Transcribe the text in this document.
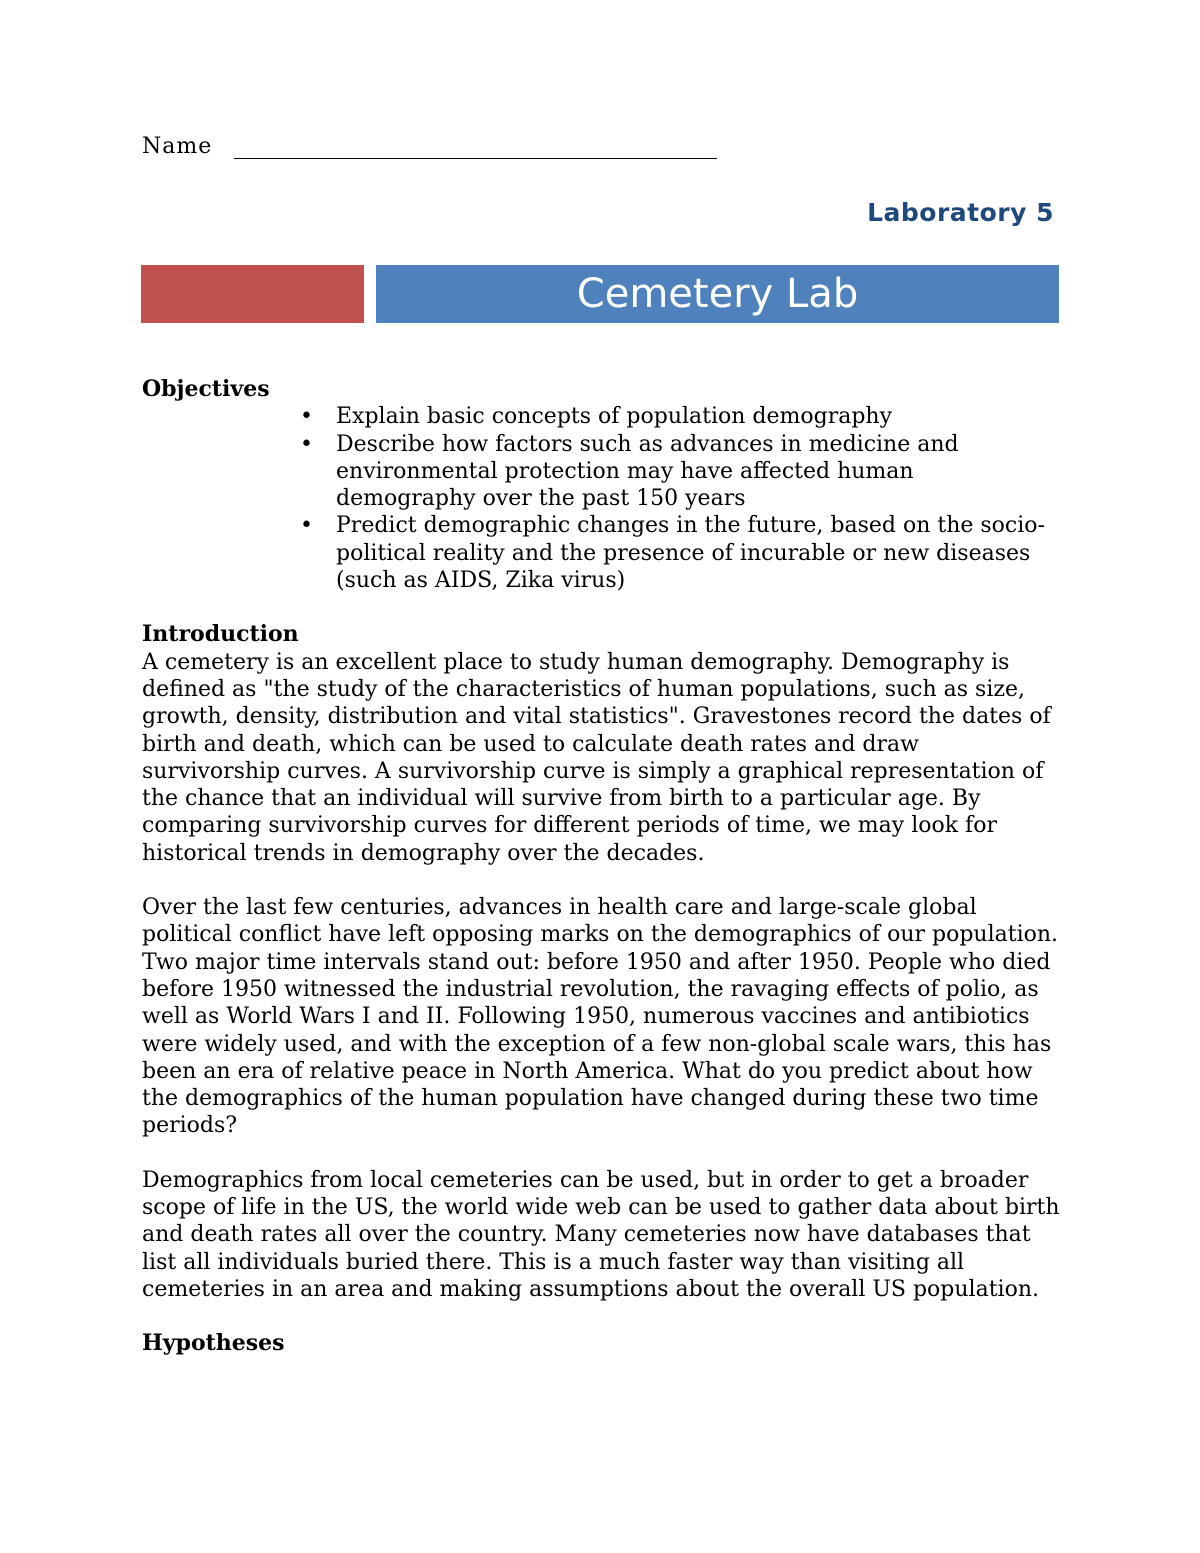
Name
Laboratory 5
Cemetery Lab

Objectives

• Explain basic concepts of population demography
• Describe how factors such as advances in medicine and environmental protection may have affected human demography over the past 150 years
• Predict demographic changes in the future, based on the socio-political reality and the presence of incurable or new diseases (such as AIDS, Zika virus)

Introduction

A cemetery is an excellent place to study human demography. Demography is defined as "the study of the characteristics of human populations, such as size, growth, density, distribution and vital statistics". Gravestones record the dates of birth and death, which can be used to calculate death rates and draw survivorship curves. A survivorship curve is simply a graphical representation of the chance that an individual will survive from birth to a particular age. By comparing survivorship curves for different periods of time, we may look for historical trends in demography over the decades.

Over the last few centuries, advances in health care and large-scale global political conflict have left opposing marks on the demographics of our population. Two major time intervals stand out: before 1950 and after 1950. People who died before 1950 witnessed the industrial revolution, the ravaging effects of polio, as well as World Wars I and II. Following 1950, numerous vaccines and antibiotics were widely used, and with the exception of a few non-global scale wars, this has been an era of relative peace in North America. What do you predict about how the demographics of the human population have changed during these two time periods?

Demographics from local cemeteries can be used, but in order to get a broader scope of life in the US, the world wide web can be used to gather data about birth and death rates all over the country. Many cemeteries now have databases that list all individuals buried there. This is a much faster way than visiting all cemeteries in an area and making assumptions about the overall US population.

Hypotheses
